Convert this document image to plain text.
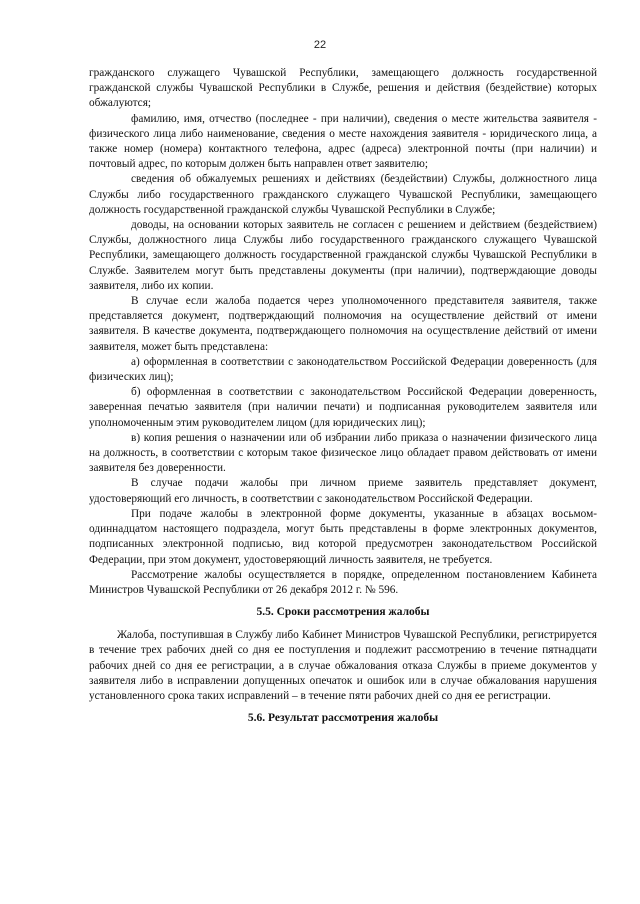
22

гражданского служащего Чувашской Республики, замещающего должность государственной гражданской службы Чувашской Республики в Службе, решения и действия (бездействие) которых обжалуются;

фамилию, имя, отчество (последнее - при наличии), сведения о месте жительства заявителя - физического лица либо наименование, сведения о месте нахождения заявителя - юридического лица, а также номер (номера) контактного телефона, адрес (адреса) электронной почты (при наличии) и почтовый адрес, по которым должен быть направлен ответ заявителю;

сведения об обжалуемых решениях и действиях (бездействии) Службы, должностного лица Службы либо государственного гражданского служащего Чувашской Республики, замещающего должность государственной гражданской службы Чувашской Республики в Службе;

доводы, на основании которых заявитель не согласен с решением и действием (бездействием) Службы, должностного лица Службы либо государственного гражданского служащего Чувашской Республики, замещающего должность государственной гражданской службы Чувашской Республики в Службе. Заявителем могут быть представлены документы (при наличии), подтверждающие доводы заявителя, либо их копии.

В случае если жалоба подается через уполномоченного представителя заявителя, также представляется документ, подтверждающий полномочия на осуществление действий от имени заявителя. В качестве документа, подтверждающего полномочия на осуществление действий от имени заявителя, может быть представлена:

а) оформленная в соответствии с законодательством Российской Федерации доверенность (для физических лиц);

б) оформленная в соответствии с законодательством Российской Федерации доверенность, заверенная печатью заявителя (при наличии печати) и подписанная руководителем заявителя или уполномоченным этим руководителем лицом (для юридических лиц);

в) копия решения о назначении или об избрании либо приказа о назначении физического лица на должность, в соответствии с которым такое физическое лицо обладает правом действовать от имени заявителя без доверенности.

В случае подачи жалобы при личном приеме заявитель представляет документ, удостоверяющий его личность, в соответствии с законодательством Российской Федерации.

При подаче жалобы в электронной форме документы, указанные в абзацах восьмом-одиннадцатом настоящего подраздела, могут быть представлены в форме электронных документов, подписанных электронной подписью, вид которой предусмотрен законодательством Российской Федерации, при этом документ, удостоверяющий личность заявителя, не требуется.

Рассмотрение жалобы осуществляется в порядке, определенном постановлением Кабинета Министров Чувашской Республики от 26 декабря 2012 г. № 596.

5.5. Сроки рассмотрения жалобы

Жалоба, поступившая в Службу либо Кабинет Министров Чувашской Республики, регистрируется в течение трех рабочих дней со дня ее поступления и подлежит рассмотрению в течение пятнадцати рабочих дней со дня ее регистрации, а в случае обжалования отказа Службы в приеме документов у заявителя либо в исправлении допущенных опечаток и ошибок или в случае обжалования нарушения установленного срока таких исправлений – в течение пяти рабочих дней со дня ее регистрации.

5.6. Результат рассмотрения жалобы
